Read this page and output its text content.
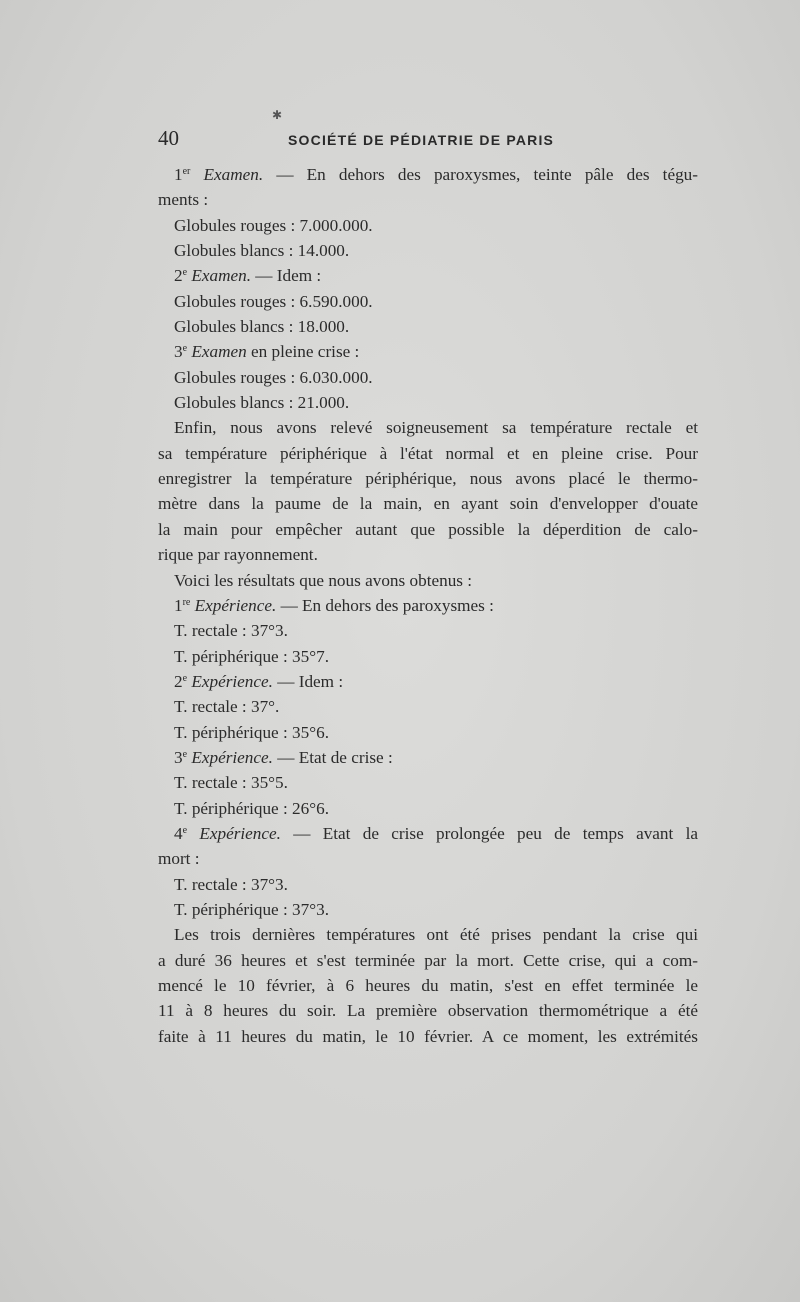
✱
40	SOCIÉTÉ DE PÉDIATRIE DE PARIS
1er Examen. — En dehors des paroxysmes, teinte pâle des tégu-
ments :
Globules rouges : 7.000.000.
Globules blancs : 14.000.
2e Examen. — Idem :
Globules rouges : 6.590.000.
Globules blancs : 18.000.
3e Examen en pleine crise :
Globules rouges : 6.030.000.
Globules blancs : 21.000.
Enfin, nous avons relevé soigneusement sa température rectale et
sa température périphérique à l'état normal et en pleine crise. Pour
enregistrer la température périphérique, nous avons placé le thermo-
mètre dans la paume de la main, en ayant soin d'envelopper d'ouate
la main pour empêcher autant que possible la déperdition de calo-
rique par rayonnement.
Voici les résultats que nous avons obtenus :
1re Expérience. — En dehors des paroxysmes :
T. rectale : 37°3.
T. périphérique : 35°7.
2e Expérience. — Idem :
T. rectale : 37°.
T. périphérique : 35°6.
3e Expérience. — Etat de crise :
T. rectale : 35°5.
T. périphérique : 26°6.
4e Expérience. — Etat de crise prolongée peu de temps avant la
mort :
T. rectale : 37°3.
T. périphérique : 37°3.
Les trois dernières températures ont été prises pendant la crise qui
a duré 36 heures et s'est terminée par la mort. Cette crise, qui a com-
mencé le 10 février, à 6 heures du matin, s'est en effet terminée le
11 à 8 heures du soir. La première observation thermométrique a été
faite à 11 heures du matin, le 10 février. A ce moment, les extrémités
